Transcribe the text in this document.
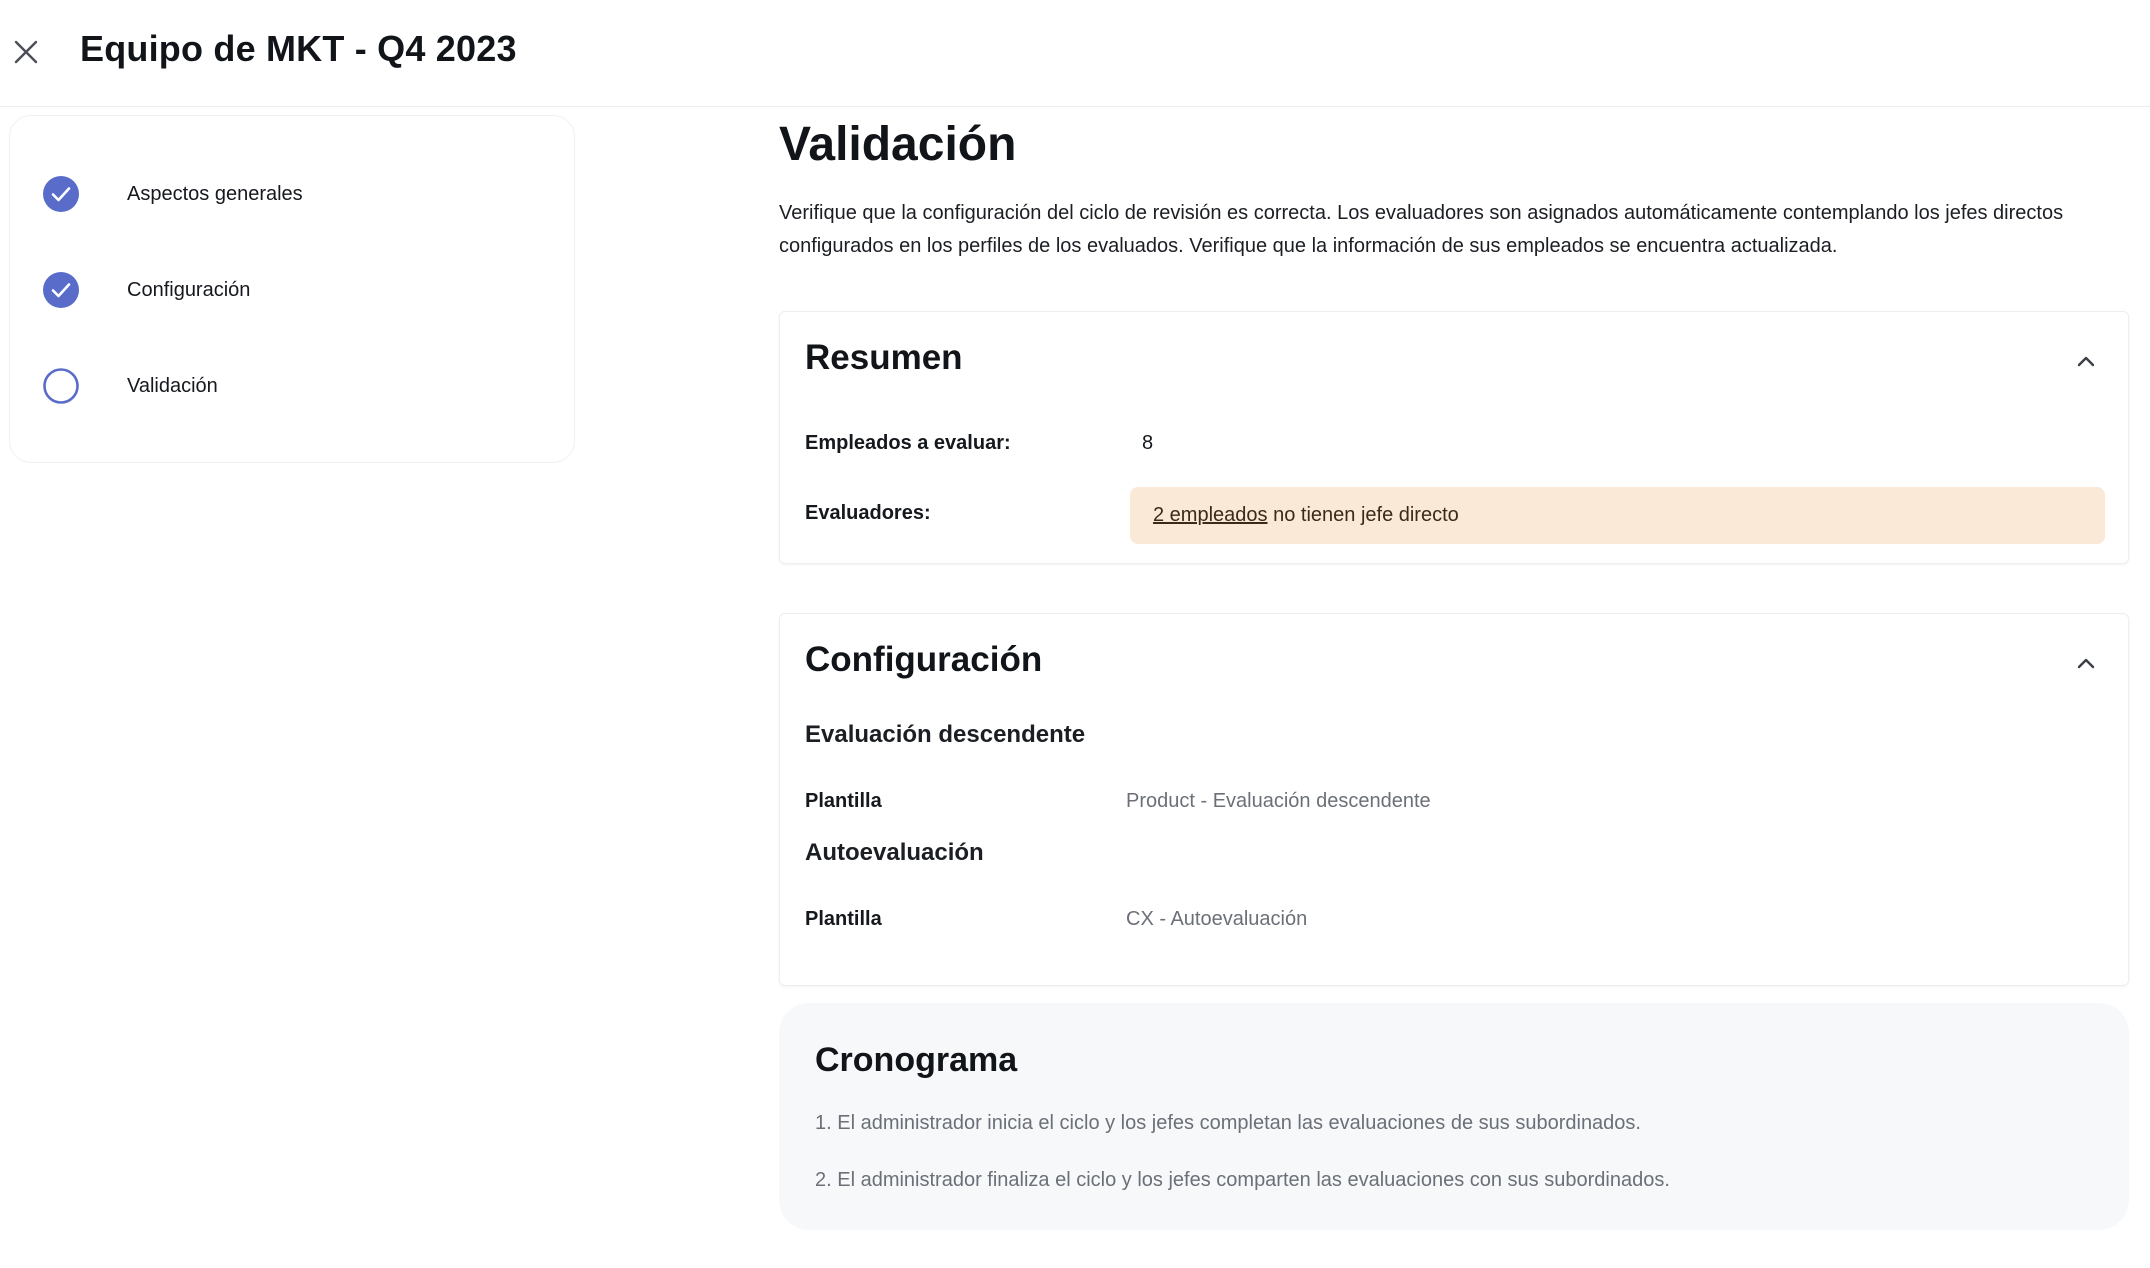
Equipo de MKT - Q4 2023
Aspectos generales
Configuración
Validación
Validación
Verifique que la configuración del ciclo de revisión es correcta. Los evaluadores son asignados automáticamente contemplando los jefes directos configurados en los perfiles de los evaluados. Verifique que la información de sus empleados se encuentra actualizada.
Resumen
Empleados a evaluar:	8
Evaluadores:	2 empleados no tienen jefe directo
Configuración
Evaluación descendente
Plantilla	Product - Evaluación descendente
Autoevaluación
Plantilla	CX - Autoevaluación
Cronograma
1. El administrador inicia el ciclo y los jefes completan las evaluaciones de sus subordinados.
2. El administrador finaliza el ciclo y los jefes comparten las evaluaciones con sus subordinados.
